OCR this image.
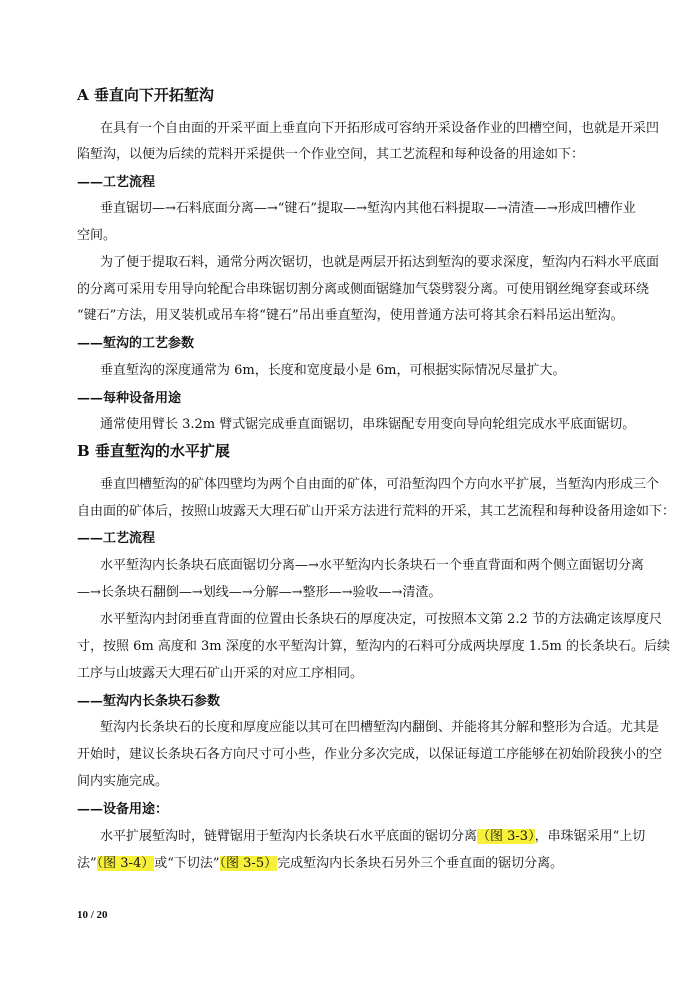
A 垂直向下开拓堑沟
在具有一个自由面的开采平面上垂直向下开拓形成可容纳开采设备作业的凹槽空间，也就是开采凹
陷堑沟，以便为后续的荒料开采提供一个作业空间，其工艺流程和每种设备的用途如下：
——工艺流程
垂直锯切—→石料底面分离—→“键石”提取—→堑沟内其他石料提取—→清渣—→形成凹槽作业
空间。
为了便于提取石料，通常分两次锯切，也就是两层开拓达到堑沟的要求深度，堑沟内石料水平底面
的分离可采用专用导向轮配合串珠锯切割分离或侧面锯缝加气袋劈裂分离。可使用钢丝绳穿套或环绕
“键石”方法，用叉装机或吊车将“键石”吊出垂直堑沟，使用普通方法可将其余石料吊运出堑沟。
——堑沟的工艺参数
垂直堑沟的深度通常为 6m，长度和宽度最小是 6m，可根据实际情况尽量扩大。
——每种设备用途
通常使用臂长 3.2m 臂式锯完成垂直面锯切，串珠锯配专用变向导向轮组完成水平底面锯切。
B 垂直堑沟的水平扩展
垂直凹槽堑沟的矿体四壁均为两个自由面的矿体，可沿堑沟四个方向水平扩展，当堑沟内形成三个
自由面的矿体后，按照山坡露天大理石矿山开采方法进行荒料的开采，其工艺流程和每种设备用途如下：
——工艺流程
水平堑沟内长条块石底面锯切分离—→水平堑沟内长条块石一个垂直背面和两个侧立面锯切分离
—→长条块石翻倒—→划线—→分解—→整形—→验收—→清渣。
水平堑沟内封闭垂直背面的位置由长条块石的厚度决定，可按照本文第 2.2 节的方法确定该厚度尺
寸，按照 6m 高度和 3m 深度的水平堑沟计算，堑沟内的石料可分成两块厚度 1.5m 的长条块石。后续
工序与山坡露天大理石矿山开采的对应工序相同。
——堑沟内长条块石参数
堑沟内长条块石的长度和厚度应能以其可在凹槽堑沟内翻倒、并能将其分解和整形为合适。尤其是
开始时，建议长条块石各方向尺寸可小些，作业分多次完成，以保证每道工序能够在初始阶段狭小的空
间内实施完成。
——设备用途：
水平扩展堑沟时，链臂锯用于堑沟内长条块石水平底面的锯切分离（图 3-3），串珠锯采用“上切
法”（图 3-4）或“下切法”（图 3-5）完成堑沟内长条块石另外三个垂直面的锯切分离。
10 / 20
